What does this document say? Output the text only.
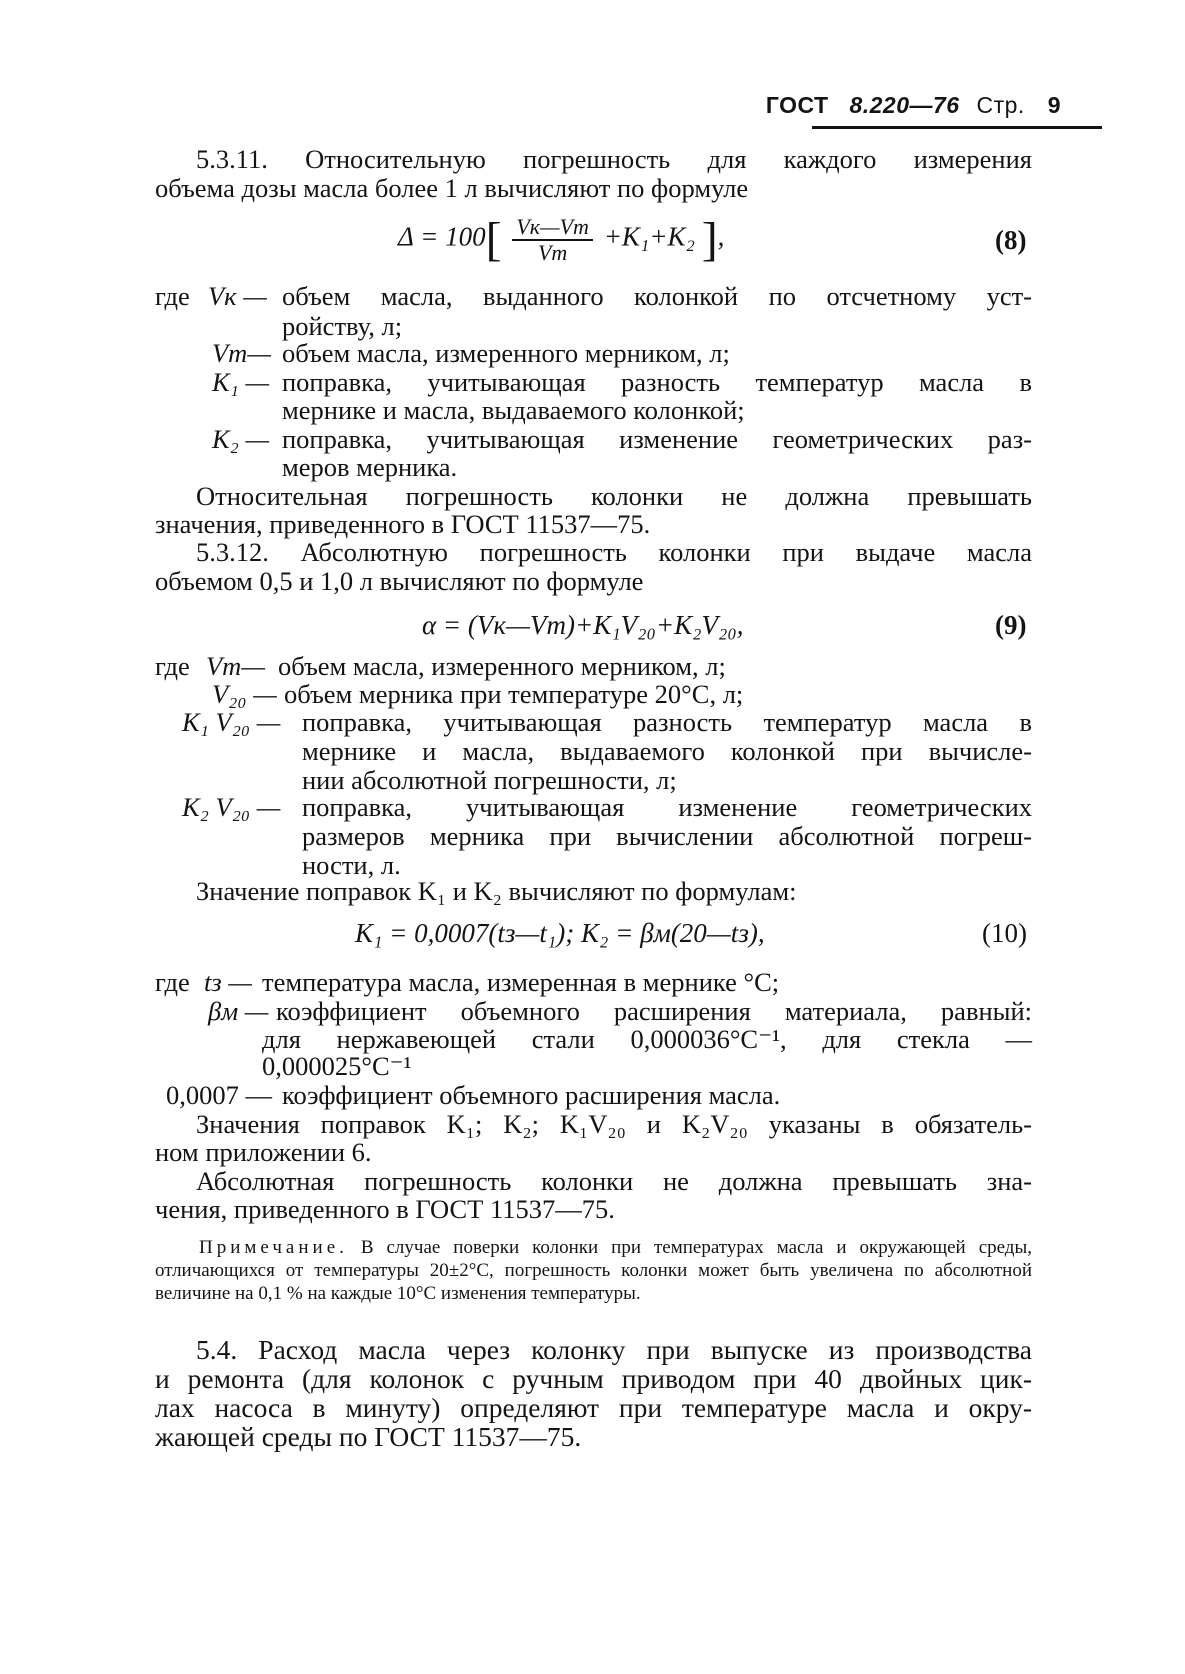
ГОСТ 8.220—76 Стр. 9
5.3.11. Относительную погрешность для каждого измерения
объема дозы масла более 1 л вычисляют по формуле
$\Delta = 100[ \frac{Vк—Vm}{Vm} +K_1+K_2$ ],	(8)
где Vк — объем масла, выданного колонкой по отсчетному уст-
ройству, л;
Vm— объем масла, измеренного мерником, л;
K₁ — поправка, учитывающая разность температур масла в
мернике и масла, выдаваемого колонкой;
K₂ — поправка, учитывающая изменение геометрических раз-
меров мерника.
Относительная погрешность колонки не должна превышать
значения, приведенного в ГОСТ 11537—75.
5.3.12. Абсолютную погрешность колонки при выдаче масла
объемом 0,5 и 1,0 л вычисляют по формуле
α = (Vк—Vm)+K₁V₂₀+K₂V₂₀,	(9)
где Vm— объем масла, измеренного мерником, л;
V₂₀ — объем мерника при температуре 20°С, л;
K₁ V₂₀ — поправка, учитывающая разность температур масла в
мернике и масла, выдаваемого колонкой при вычисле-
нии абсолютной погрешности, л;
K₂ V₂₀ — поправка, учитывающая изменение геометрических
размеров мерника при вычислении абсолютной погреш-
ности, л.
Значение поправок K₁ и K₂ вычисляют по формулам:
K₁ = 0,0007(tз—t₁); K₂ = βм(20—tз),	(10)
где tз — температура масла, измеренная в мернике °С;
βм — коэффициент объемного расширения материала, равный:
для нержавеющей стали 0,000036°С⁻¹, для стекла —
0,000025°С⁻¹
0,0007 — коэффициент объемного расширения масла.
Значения поправок K₁; K₂; K₁V₂₀ и K₂V₂₀ указаны в обязатель-
ном приложении 6.
Абсолютная погрешность колонки не должна превышать зна-
чения, приведенного в ГОСТ 11537—75.
Примечание. В случае поверки колонки при температурах масла и окружающей среды, отличающихся от температуры 20±2°С, погрешность колонки может быть увеличена по абсолютной величине на 0,1 % на каждые 10°С изменения температуры.
5.4. Расход масла через колонку при выпуске из производства
и ремонта (для колонок с ручным приводом при 40 двойных цик-
лах насоса в минуту) определяют при температуре масла и окру-
жающей среды по ГОСТ 11537—75.
